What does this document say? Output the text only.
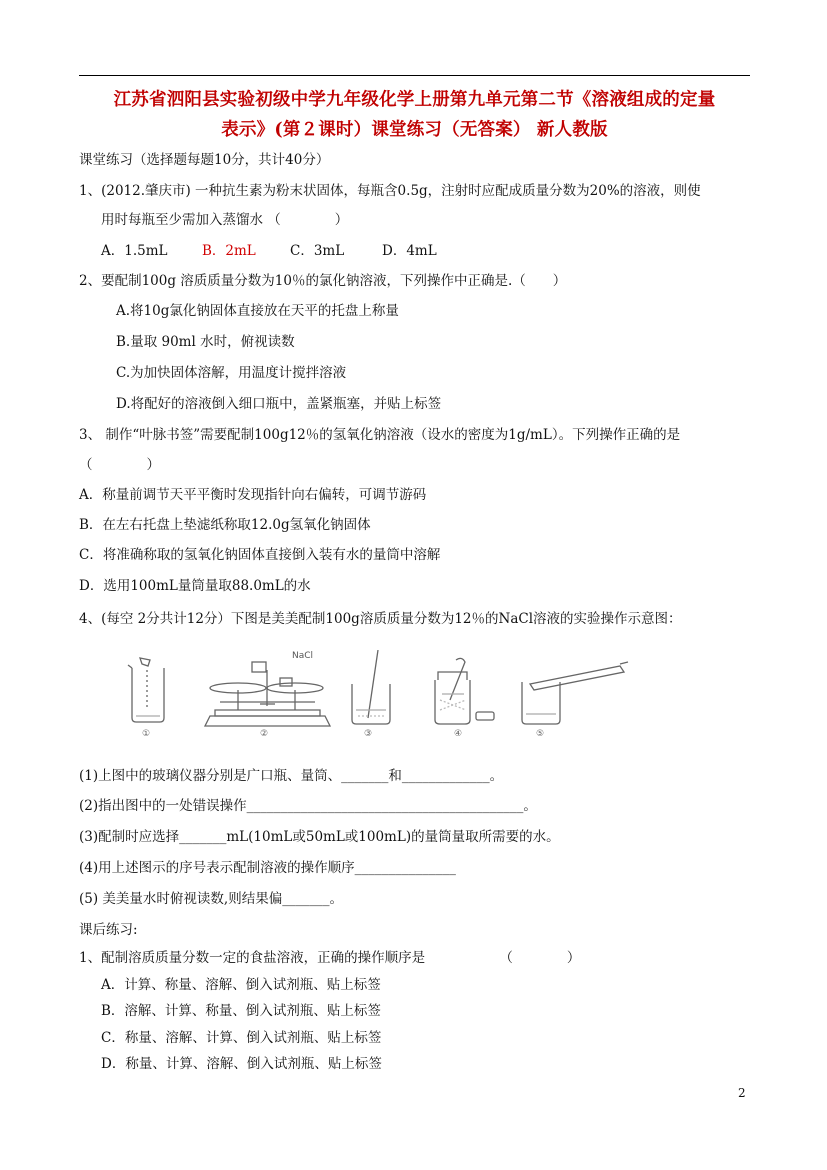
江苏省泗阳县实验初级中学九年级化学上册第九单元第二节《溶液组成的定量
表示》(第２课时）课堂练习（无答案） 新人教版
课堂练习（选择题每题10分，共计40分）
1、(2012.肇庆市) 一种抗生素为粉末状固体，每瓶含0.5g，注射时应配成质量分数为20%的溶液，则使
用时每瓶至少需加入蒸馏水 （　　　　）
A．1.5mL	B．2mL	C．3mL	D．4mL
2、要配制100g 溶质质量分数为10％的氯化钠溶液，下列操作中正确是.（　　）
A.将10g氯化钠固体直接放在天平的托盘上称量
B.量取 90ml 水时，俯视读数
C.为加快固体溶解，用温度计搅拌溶液
D.将配好的溶液倒入细口瓶中，盖紧瓶塞，并贴上标签
3、 制作“叶脉书签”需要配制100g12％的氢氧化钠溶液（设水的密度为1g/mL）。下列操作正确的是
（　　　　）
A．称量前调节天平平衡时发现指针向右偏转，可调节游码
B．在左右托盘上垫滤纸称取12.0g氢氧化钠固体
C．将准确称取的氢氧化钠固体直接倒入装有水的量筒中溶解
D．选用100mL量筒量取88.0mL的水
4、(每空 2分共计12分）下图是美美配制100g溶质质量分数为12％的NaCl溶液的实验操作示意图：
NaCl
①	②	③	④	⑤
(1)上图中的玻璃仪器分别是广口瓶、量筒、_______和_____________。
(2)指出图中的一处错误操作_________________________________________。
(3)配制时应选择_______mL(10mL或50mL或100mL)的量筒量取所需要的水。
(4)用上述图示的序号表示配制溶液的操作顺序_______________
(5) 美美量水时俯视读数,则结果偏_______。
课后练习:
1、配制溶质质量分数一定的食盐溶液，正确的操作顺序是　　　　　　（　　　　）
A．计算、称量、溶解、倒入试剂瓶、贴上标签
B．溶解、计算、称量、倒入试剂瓶、贴上标签
C．称量、溶解、计算、倒入试剂瓶、贴上标签
D．称量、计算、溶解、倒入试剂瓶、贴上标签
2
